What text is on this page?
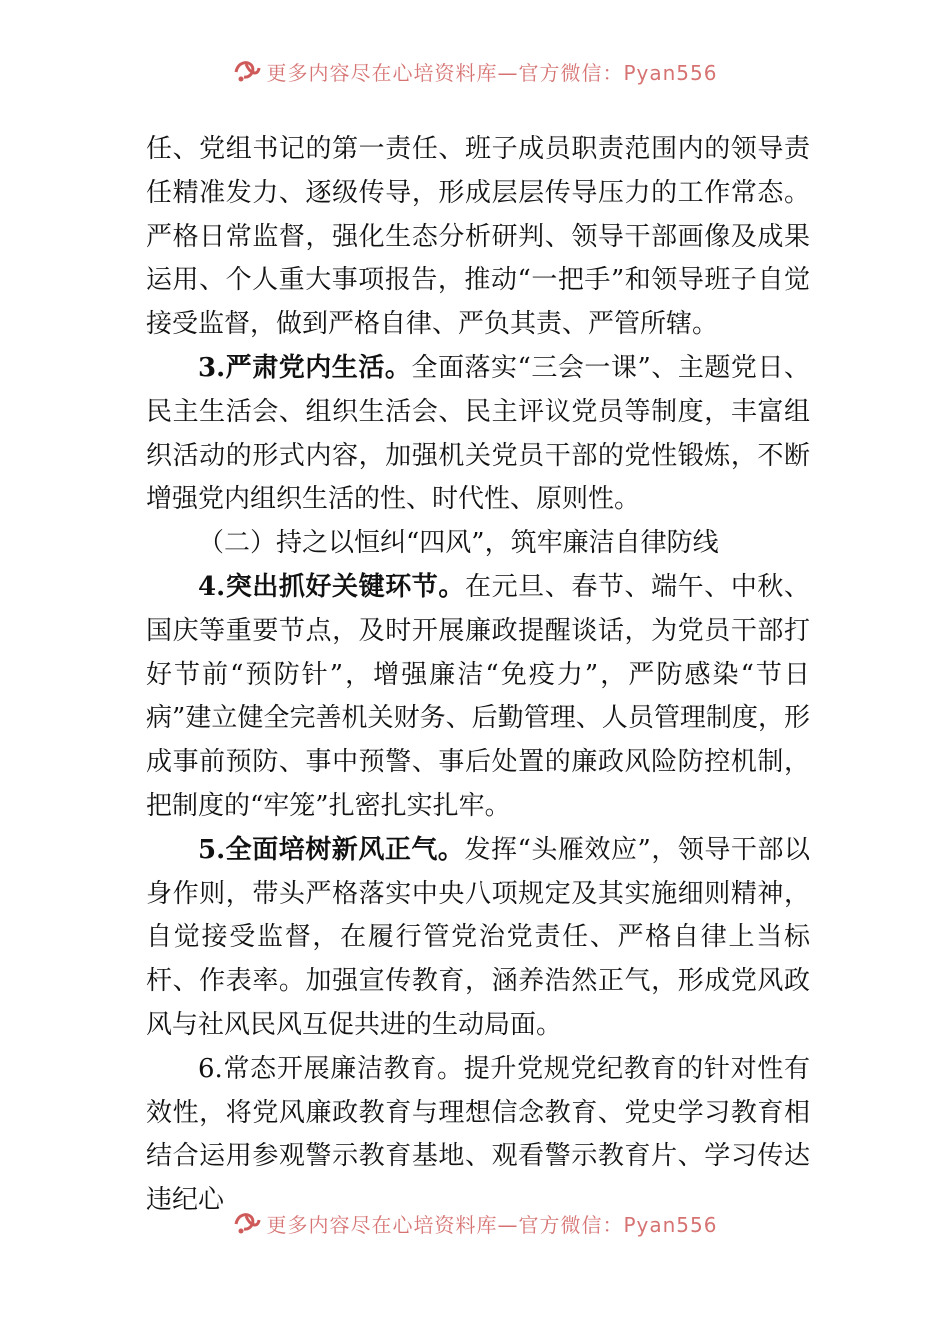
更多内容尽在心培资料库—官方微信：Pyan556

任、党组书记的第一责任、班子成员职责范围内的领导责任精准发力、逐级传导，形成层层传导压力的工作常态。严格日常监督，强化生态分析研判、领导干部画像及成果运用、个人重大事项报告，推动“一把手”和领导班子自觉接受监督，做到严格自律、严负其责、严管所辖。

3.严肃党内生活。全面落实“三会一课”、主题党日、民主生活会、组织生活会、民主评议党员等制度，丰富组织活动的形式内容，加强机关党员干部的党性锻炼，不断增强党内组织生活的性、时代性、原则性。

（二）持之以恒纠“四风”，筑牢廉洁自律防线

4.突出抓好关键环节。在元旦、春节、端午、中秋、国庆等重要节点，及时开展廉政提醒谈话，为党员干部打好节前“预防针”，增强廉洁“免疫力”，严防感染“节日病”建立健全完善机关财务、后勤管理、人员管理制度，形成事前预防、事中预警、事后处置的廉政风险防控机制，把制度的“牢笼”扎密扎实扎牢。

5.全面培树新风正气。发挥“头雁效应”，领导干部以身作则，带头严格落实中央八项规定及其实施细则精神，自觉接受监督，在履行管党治党责任、严格自律上当标杆、作表率。加强宣传教育，涵养浩然正气，形成党风政风与社风民风互促共进的生动局面。

6.常态开展廉洁教育。提升党规党纪教育的针对性有效性，将党风廉政教育与理想信念教育、党史学习教育相结合运用参观警示教育基地、观看警示教育片、学习传达违纪心

更多内容尽在心培资料库—官方微信：Pyan556
